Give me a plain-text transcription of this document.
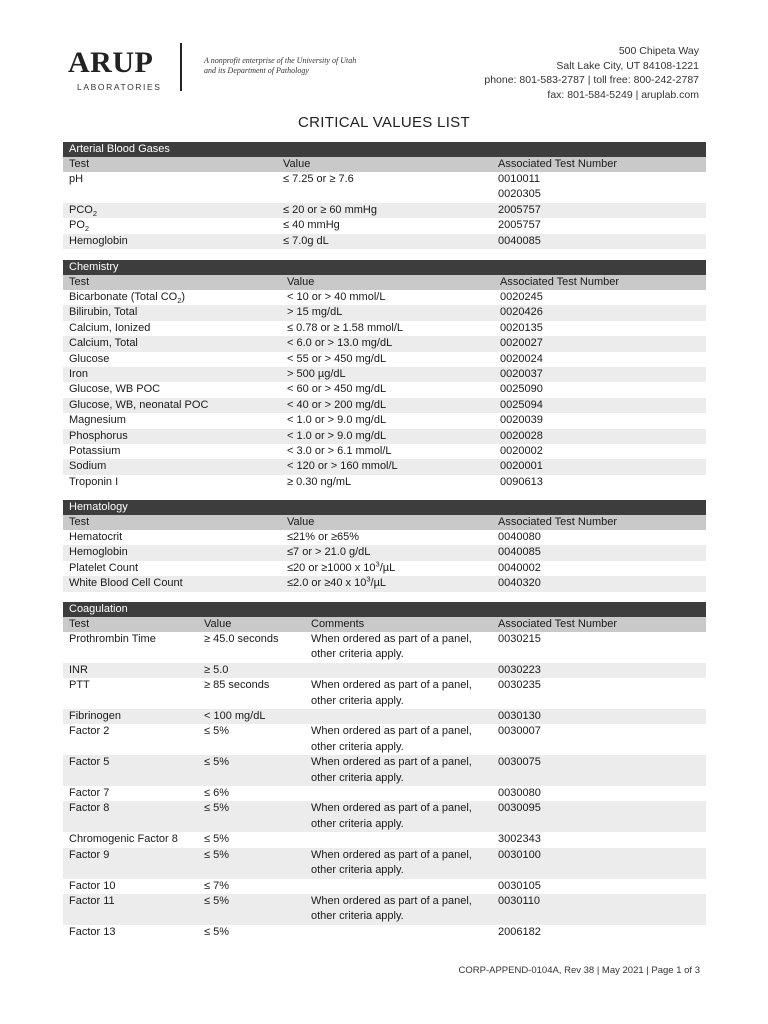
ARUP
LABORATORIES
A nonprofit enterprise of the University of Utah
and its Department of Pathology
500 Chipeta Way
Salt Lake City, UT 84108-1221
phone: 801-583-2787 | toll free: 800-242-2787
fax: 801-584-5249 | aruplab.com
CRITICAL VALUES LIST
Arterial Blood Gases
Test	Value	Associated Test Number
pH	≤ 7.25 or ≥ 7.6	0010011
0020305
$PCO_2$	≤ 20 or ≥ 60 mmHg	2005757
$PO_2$	≤ 40 mmHg	2005757
Hemoglobin	≤ 7.0g dL	0040085
Chemistry
Test	Value	Associated Test Number
Bicarbonate (Total $CO_2$)	< 10 or > 40 mmol/L	0020245
Bilirubin, Total	> 15 mg/dL	0020426
Calcium, Ionized	≤ 0.78 or ≥ 1.58 mmol/L	0020135
Calcium, Total	< 6.0 or > 13.0 mg/dL	0020027
Glucose	< 55 or > 450 mg/dL	0020024
Iron	> 500 µg/dL	0020037
Glucose, WB POC	< 60 or > 450 mg/dL	0025090
Glucose, WB, neonatal POC	< 40 or > 200 mg/dL	0025094
Magnesium	< 1.0 or > 9.0 mg/dL	0020039
Phosphorus	< 1.0 or > 9.0 mg/dL	0020028
Potassium	< 3.0 or > 6.1 mmol/L	0020002
Sodium	< 120 or > 160 mmol/L	0020001
Troponin I	≥ 0.30 ng/mL	0090613
Hematology
Test	Value	Associated Test Number
Hematocrit	≤21% or ≥65%	0040080
Hemoglobin	≤7 or > 21.0 g/dL	0040085
Platelet Count	≤20 or ≥1000 x $10^3/\mu L$	0040002
White Blood Cell Count	≤2.0 or ≥40 x $10^3/\mu L$	0040320
Coagulation
Test	Value	Comments	Associated Test Number
Prothrombin Time	≥ 45.0 seconds	When ordered as part of a panel,
other criteria apply.	0030215
INR	≥ 5.0		0030223
PTT	≥ 85 seconds	When ordered as part of a panel,
other criteria apply.	0030235
Fibrinogen	< 100 mg/dL		0030130
Factor 2	≤ 5%	When ordered as part of a panel,
other criteria apply.	0030007
Factor 5	≤ 5%	When ordered as part of a panel,
other criteria apply.	0030075
Factor 7	≤ 6%		0030080
Factor 8	≤ 5%	When ordered as part of a panel,
other criteria apply.	0030095
Chromogenic Factor 8	≤ 5%		3002343
Factor 9	≤ 5%	When ordered as part of a panel,
other criteria apply.	0030100
Factor 10	≤ 7%		0030105
Factor 11	≤ 5%	When ordered as part of a panel,
other criteria apply.	0030110
Factor 13	≤ 5%		2006182
CORP-APPEND-0104A, Rev 38 | May 2021 | Page 1 of 3
